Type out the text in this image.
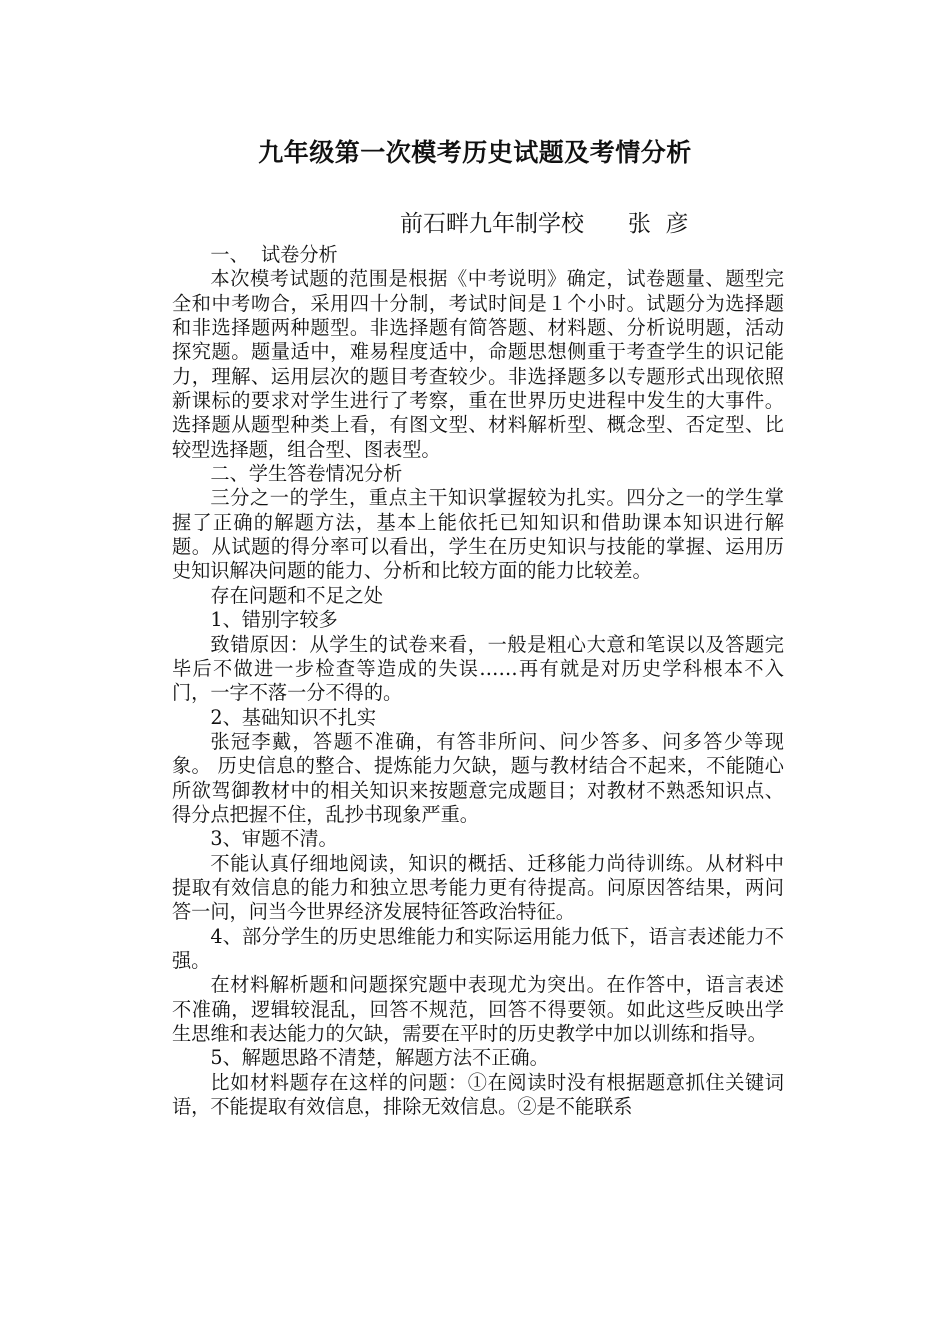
九年级第一次模考历史试题及考情分析
前石畔九年制学校      张  彦

一、  试卷分析

本次模考试题的范围是根据《中考说明》确定，试卷题量、题型完全和中考吻合，采用四十分制，考试时间是１个小时。试题分为选择题和非选择题两种题型。非选择题有简答题、材料题、分析说明题，活动探究题。题量适中，难易程度适中，命题思想侧重于考查学生的识记能力，理解、运用层次的题目考查较少。非选择题多以专题形式出现依照新课标的要求对学生进行了考察，重在世界历史进程中发生的大事件。选择题从题型种类上看，有图文型、材料解析型、概念型、否定型、比较型选择题，组合型、图表型。

二、学生答卷情况分析

三分之一的学生，重点主干知识掌握较为扎实。四分之一的学生掌握了正确的解题方法，基本上能依托已知知识和借助课本知识进行解题。从试题的得分率可以看出，学生在历史知识与技能的掌握、运用历史知识解决问题的能力、分析和比较方面的能力比较差。

存在问题和不足之处

1、错别字较多

致错原因：从学生的试卷来看，一般是粗心大意和笔误以及答题完毕后不做进一步检查等造成的失误……再有就是对历史学科根本不入门，一字不落一分不得的。

2、基础知识不扎实

张冠李戴，答题不准确，有答非所问、问少答多、问多答少等现象。 历史信息的整合、提炼能力欠缺，题与教材结合不起来，不能随心所欲驾御教材中的相关知识来按题意完成题目；对教材不熟悉知识点、得分点把握不住，乱抄书现象严重。

3、审题不清。

不能认真仔细地阅读，知识的概括、迁移能力尚待训练。从材料中提取有效信息的能力和独立思考能力更有待提高。问原因答结果，两问答一问，问当今世界经济发展特征答政治特征。

4、部分学生的历史思维能力和实际运用能力低下，语言表述能力不强。

在材料解析题和问题探究题中表现尤为突出。在作答中，语言表述不准确，逻辑较混乱，回答不规范，回答不得要领。如此这些反映出学生思维和表达能力的欠缺，需要在平时的历史教学中加以训练和指导。

5、解题思路不清楚，解题方法不正确。

比如材料题存在这样的问题：①在阅读时没有根据题意抓住关键词语，不能提取有效信息，排除无效信息。②是不能联系
